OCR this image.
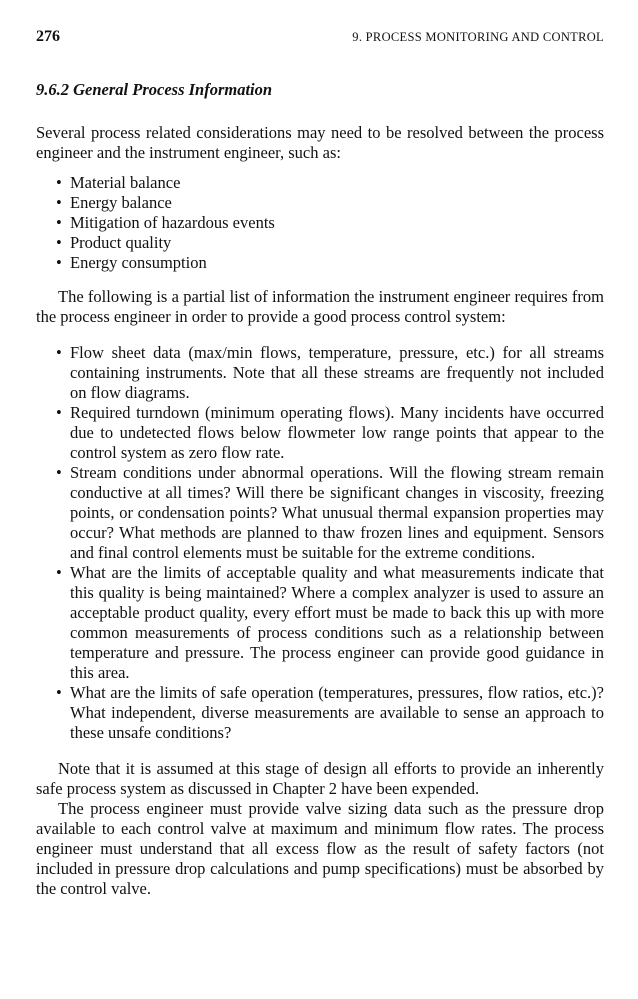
276	9. PROCESS MONITORING AND CONTROL
9.6.2 General Process Information

Several process related considerations may need to be resolved between the process engineer and the instrument engineer, such as:

• Material balance
• Energy balance
• Mitigation of hazardous events
• Product quality
• Energy consumption

The following is a partial list of information the instrument engineer requires from the process engineer in order to provide a good process control system:

• Flow sheet data (max/min flows, temperature, pressure, etc.) for all streams containing instruments. Note that all these streams are frequently not included on flow diagrams.
• Required turndown (minimum operating flows). Many incidents have occurred due to undetected flows below flowmeter low range points that appear to the control system as zero flow rate.
• Stream conditions under abnormal operations. Will the flowing stream remain conductive at all times? Will there be significant changes in viscosity, freezing points, or condensation points? What unusual thermal expansion properties may occur? What methods are planned to thaw frozen lines and equipment. Sensors and final control elements must be suitable for the extreme conditions.
• What are the limits of acceptable quality and what measurements indicate that this quality is being maintained? Where a complex analyzer is used to assure an acceptable product quality, every effort must be made to back this up with more common measurements of process conditions such as a relationship between temperature and pressure. The process engineer can provide good guidance in this area.
• What are the limits of safe operation (temperatures, pressures, flow ratios, etc.)? What independent, diverse measurements are available to sense an approach to these unsafe conditions?

Note that it is assumed at this stage of design all efforts to provide an inherently safe process system as discussed in Chapter 2 have been expended.

The process engineer must provide valve sizing data such as the pressure drop available to each control valve at maximum and minimum flow rates. The process engineer must understand that all excess flow as the result of safety factors (not included in pressure drop calculations and pump specifications) must be absorbed by the control valve.
